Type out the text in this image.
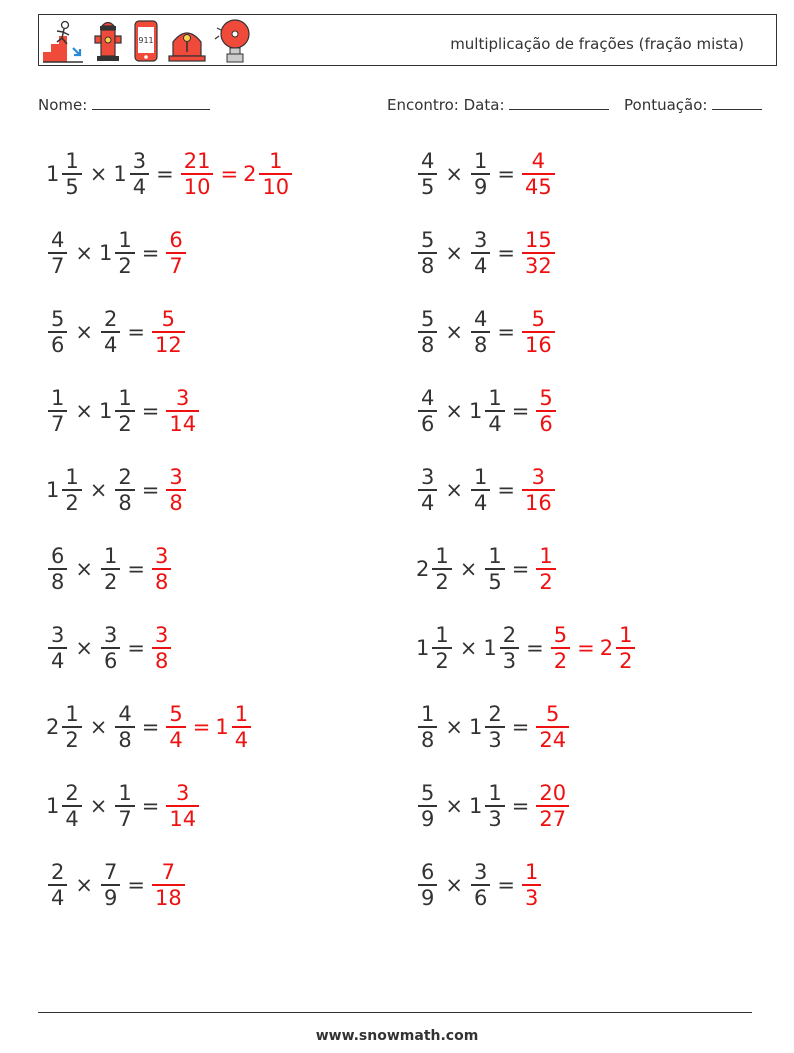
911	multiplicação de frações (fração mista)
Nome:	Encontro: Data:	Pontuação:
$1 \frac{1}{5} \times 1 \frac{3}{4} = \frac{21}{10} = 2 \frac{1}{10}$
$\frac{4}{7} \times 1 \frac{1}{2} = \frac{6}{7}$
$\frac{5}{6} \times \frac{2}{4} = \frac{5}{12}$
$\frac{1}{7} \times 1 \frac{1}{2} = \frac{3}{14}$
$1 \frac{1}{2} \times \frac{2}{8} = \frac{3}{8}$
$\frac{6}{8} \times \frac{1}{2} = \frac{3}{8}$
$\frac{3}{4} \times \frac{3}{6} = \frac{3}{8}$
$2 \frac{1}{2} \times \frac{4}{8} = \frac{5}{4} = 1 \frac{1}{4}$
$1 \frac{2}{4} \times \frac{1}{7} = \frac{3}{14}$
$\frac{2}{4} \times \frac{7}{9} = \frac{7}{18}$
$\frac{4}{5} \times \frac{1}{9} = \frac{4}{45}$
$\frac{5}{8} \times \frac{3}{4} = \frac{15}{32}$
$\frac{5}{8} \times \frac{4}{8} = \frac{5}{16}$
$\frac{4}{6} \times 1 \frac{1}{4} = \frac{5}{6}$
$\frac{3}{4} \times \frac{1}{4} = \frac{3}{16}$
$2 \frac{1}{2} \times \frac{1}{5} = \frac{1}{2}$
$1 \frac{1}{2} \times 1 \frac{2}{3} = \frac{5}{2} = 2 \frac{1}{2}$
$\frac{1}{8} \times 1 \frac{2}{3} = \frac{5}{24}$
$\frac{5}{9} \times 1 \frac{1}{3} = \frac{20}{27}$
$\frac{6}{9} \times \frac{3}{6} = \frac{1}{3}$
www.snowmath.com
